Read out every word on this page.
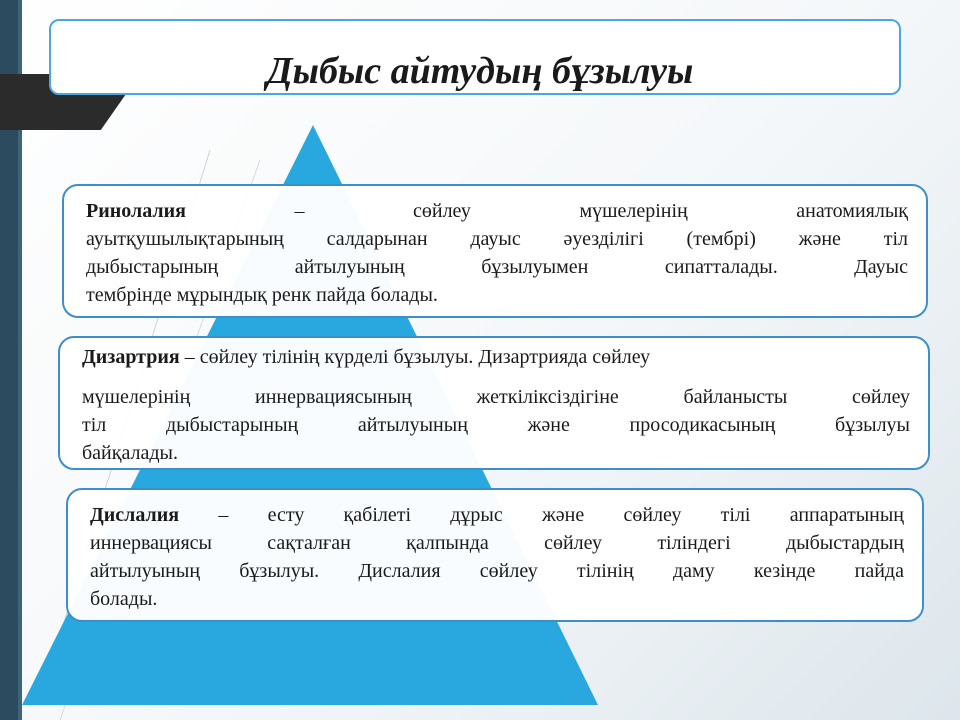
Дыбыс айтудың бұзылуы
Ринолалия	– сөйлеу мүшелерінің анатомиялық
ауытқушылықтарының салдарынан дауыс әуезділігі (тембрі) және тіл
дыбыстарының айтылуының бұзылуымен сипатталады. Дауыс
тембрінде мұрындық ренк пайда болады.
Дизартрия – сөйлеу тілінің күрделі бұзылуы. Дизартрияда сөйлеу
мүшелерінің иннервациясының жеткіліксіздігіне байланысты сөйлеу
тіл дыбыстарының айтылуының және просодикасының бұзылуы
байқалады.
Дислалия – есту қабілеті дұрыс және сөйлеу тілі аппаратының
иннервациясы сақталған қалпында сөйлеу тіліндегі дыбыстардың
айтылуының бұзылуы. Дислалия сөйлеу тілінің даму кезінде пайда
болады.
